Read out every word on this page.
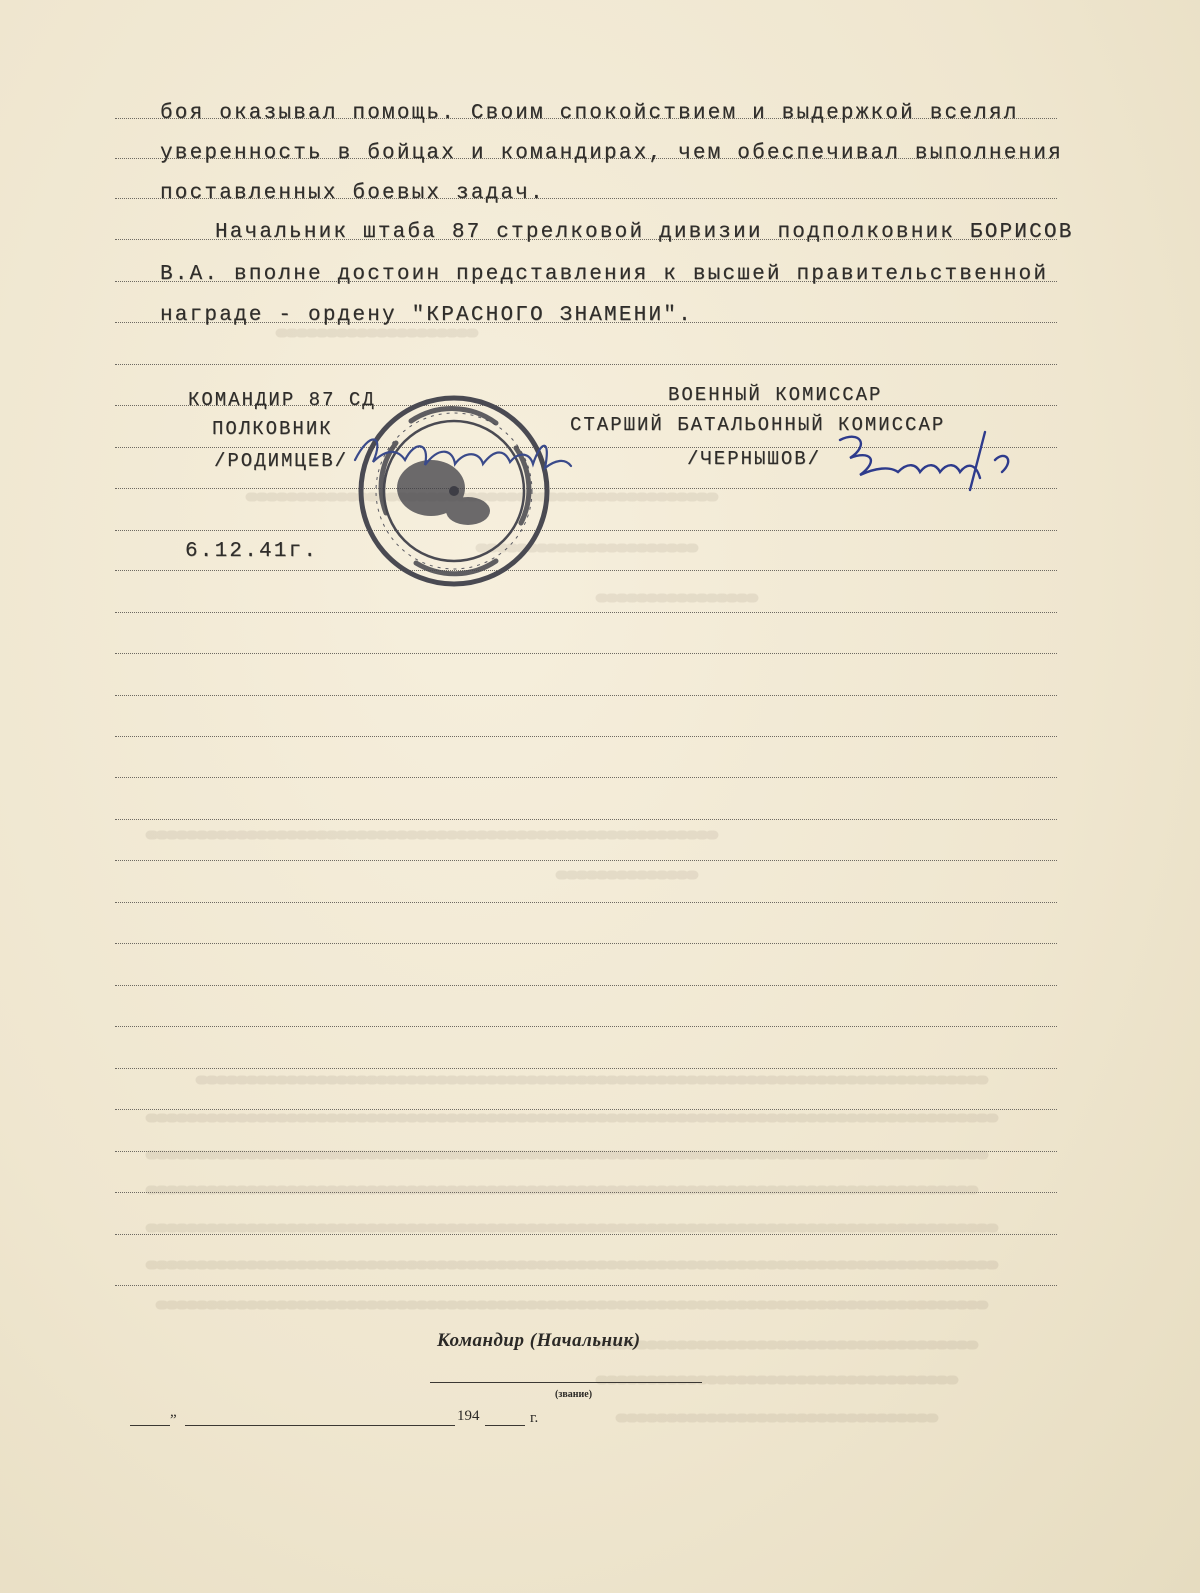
боя оказывал помощь. Своим спокойствием и выдержкой вселял
уверенность в бойцах и командирах, чем обеспечивал выполнения
поставленных боевых задач.
Начальник штаба 87 стрелковой дивизии подполковник БОРИСОВ
В.А. вполне достоин представления к высшей правительственной
награде - ордену "КРАСНОГО ЗНАМЕНИ".
КОМАНДИР 87 СД
ПОЛКОВНИК
/РОДИМЦЕВ/
ВОЕННЫЙ КОМИССАР
СТАРШИЙ БАТАЛЬОННЫЙ КОМИССАР
/ЧЕРНЫШОВ/
6.12.41г.
Командир (Начальник)
(звание)
„	194	г.
